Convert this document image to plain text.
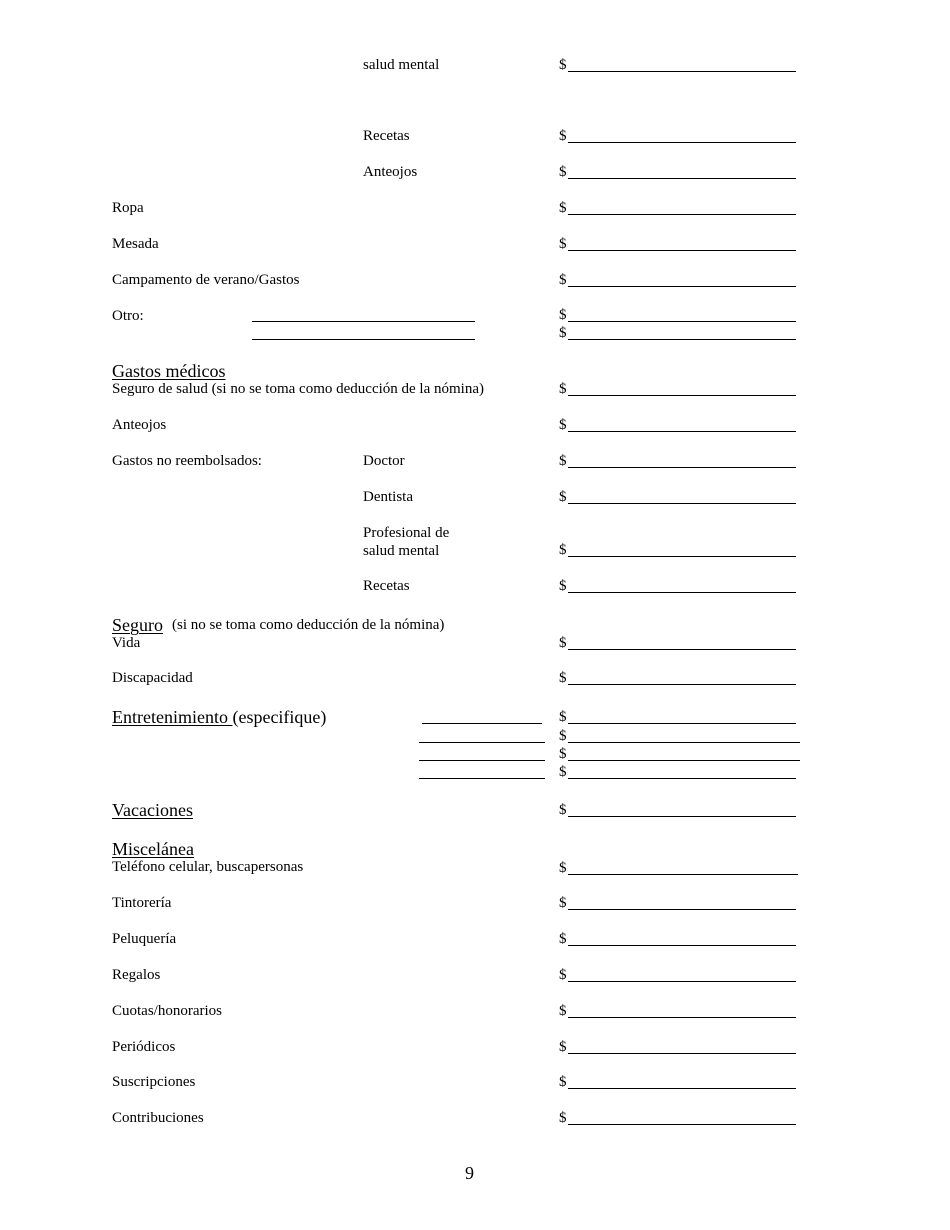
salud mental
Recetas
Anteojos
Ropa
Mesada
Campamento de verano/Gastos
Otro:
Gastos médicos
Seguro de salud (si no se toma como deducción de la nómina)
Anteojos
Gastos no reembolsados:	Doctor
Dentista
Profesional de
salud mental
Recetas
Seguro (si no se toma como deducción de la nómina)
Vida
Discapacidad
Entretenimiento (especifique)
Vacaciones
Miscelánea
Teléfono celular, buscapersonas
Tintorería
Peluquería
Regalos
Cuotas/honorarios
Periódicos
Suscripciones
Contribuciones
$
$
$
$
$
$
$
$
$
$
$
$
$
$
$
$
$
$
$
$
$
$
$
$
$
$
$
$
$
9
